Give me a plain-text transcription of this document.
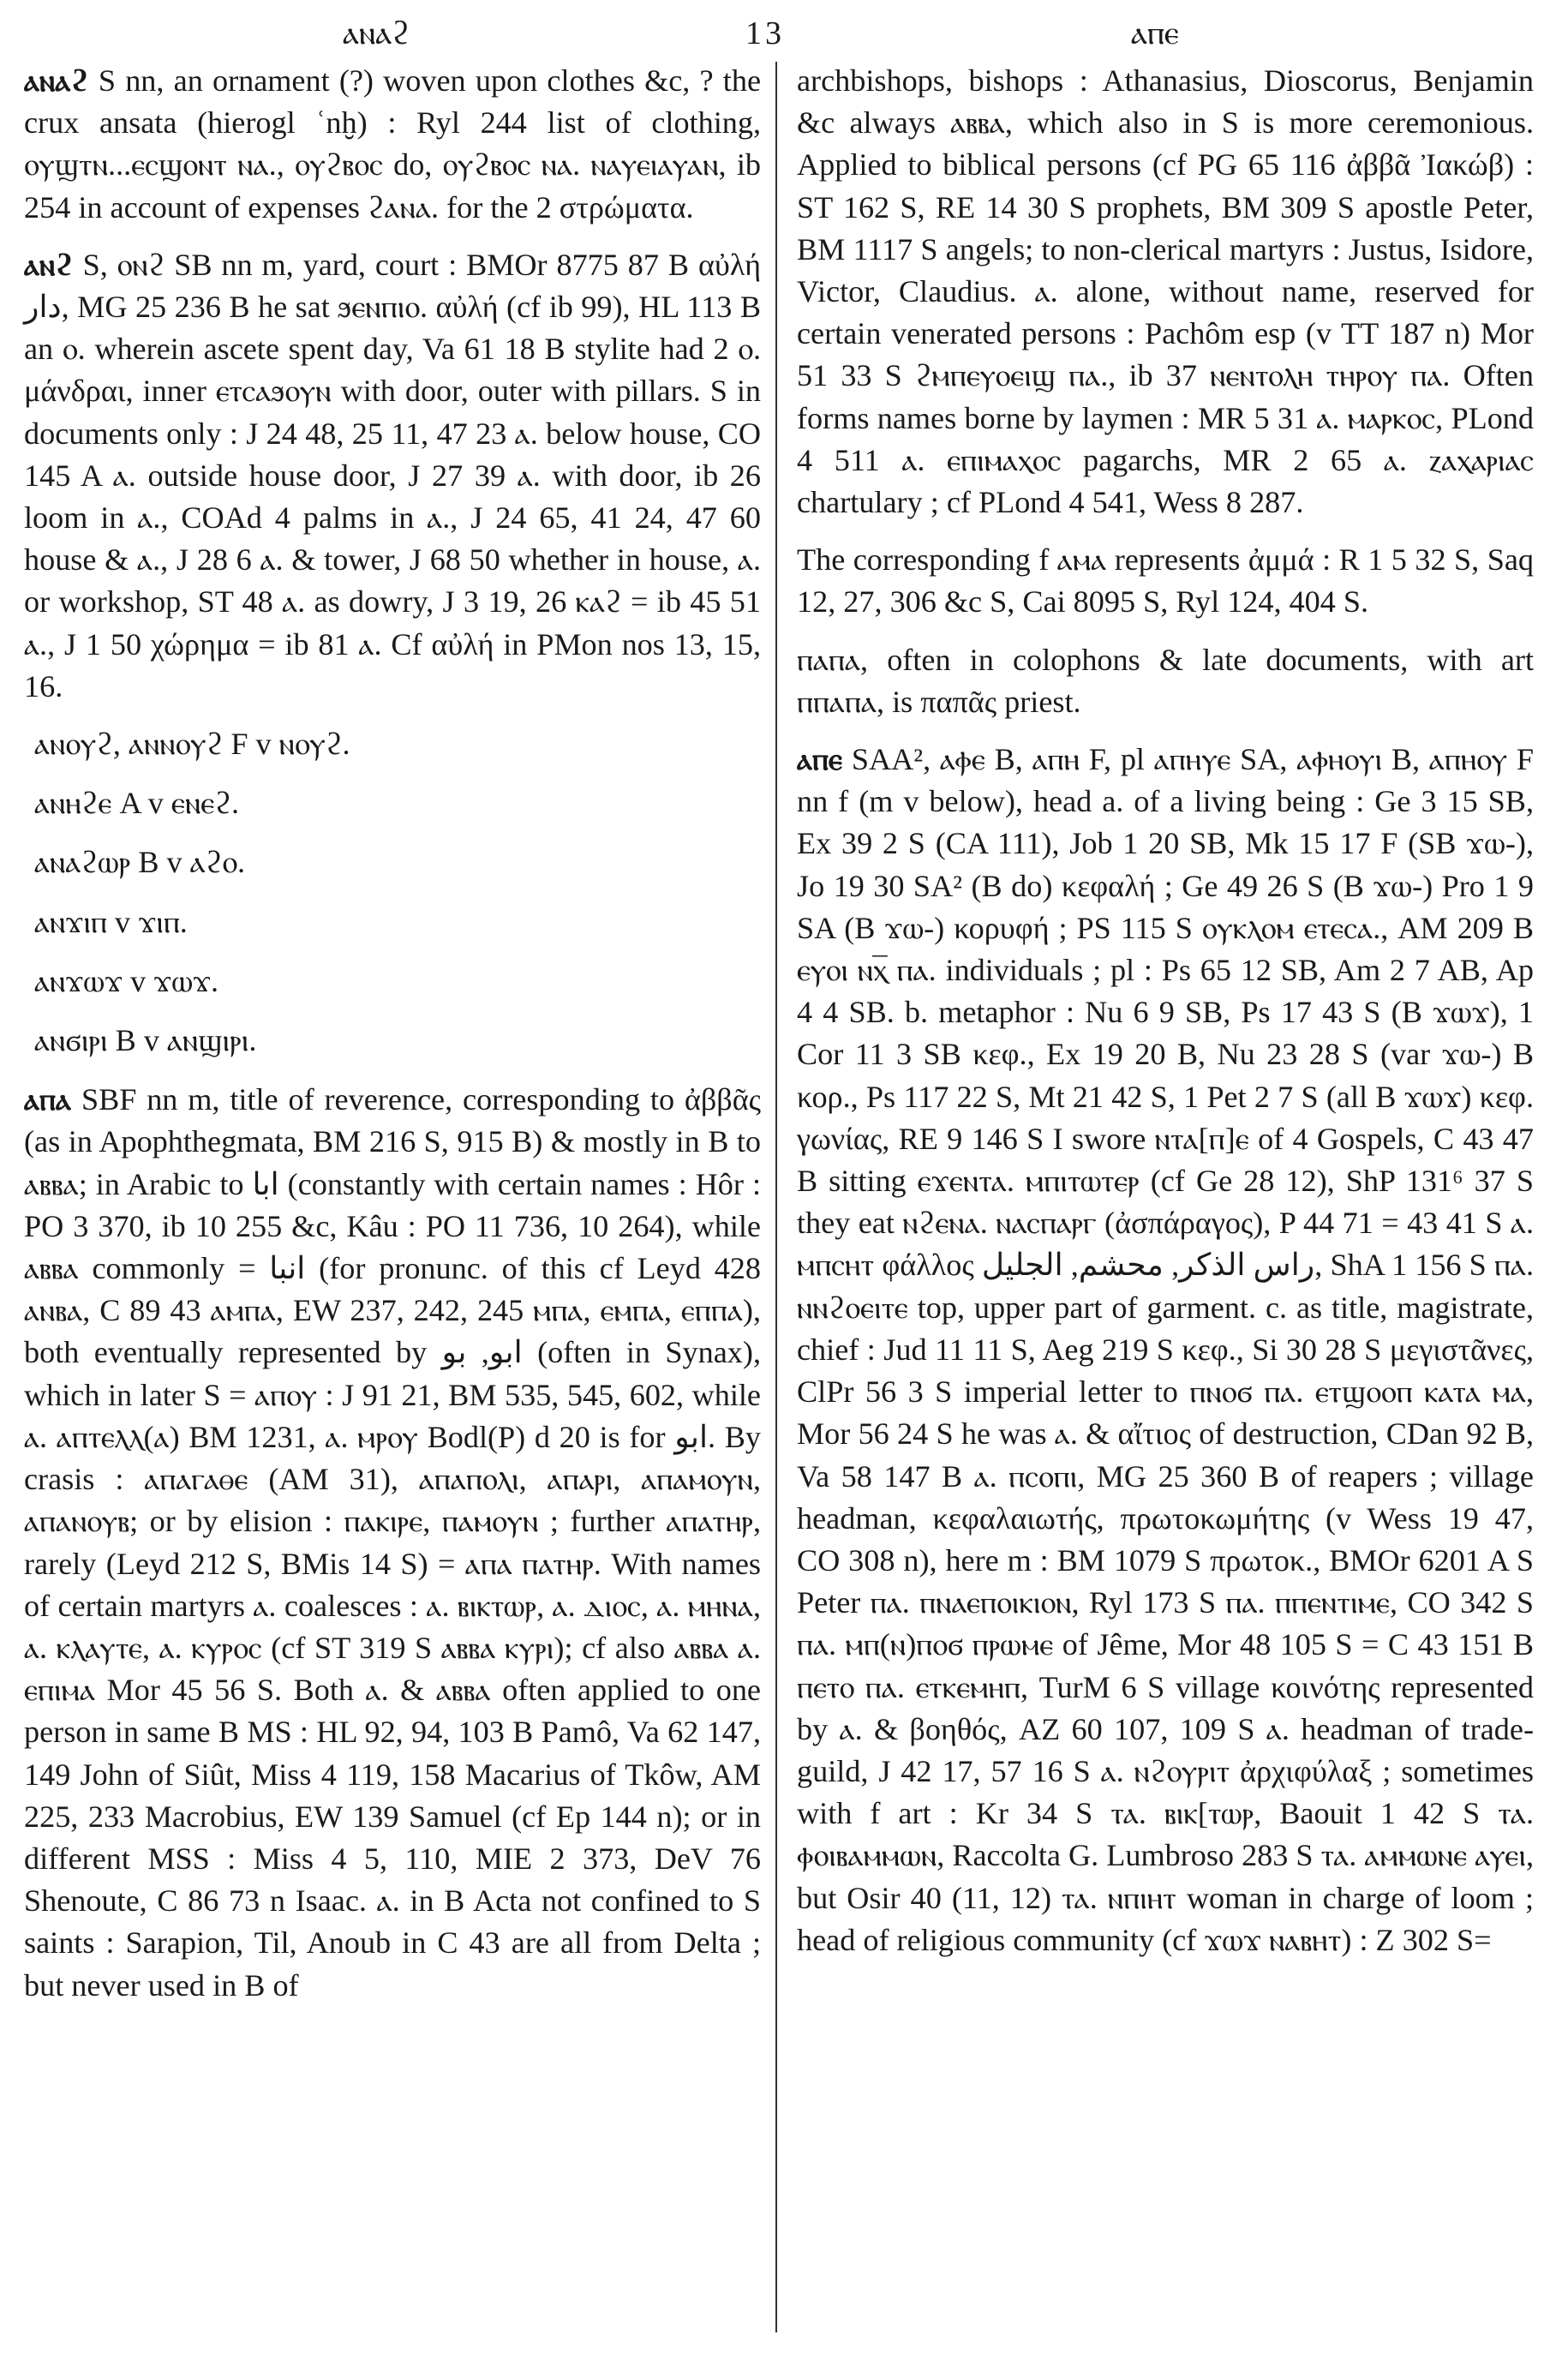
ⲁⲛⲁϩ	13	ⲁⲡⲉ

ⲁⲛⲁϩ S nn, an ornament (?) woven upon clothes &c, ? the crux ansata (hierogl ʿnḫ) : Ryl 244 list of clothing, ⲟⲩϣⲧⲛ...ⲉⲥϣⲟⲛⲧ ⲛⲁ., ⲟⲩϩⲃⲟⲥ do, ⲟⲩϩⲃⲟⲥ ⲛⲁ. ⲛⲁⲩⲉⲓⲁⲩⲁⲛ, ib 254 in account of expenses ϩⲁⲛⲁ. for the 2 στρώματα.

ⲁⲛϩ S, ⲟⲛϩ SB nn m, yard, court : BMOr 8775 87 B αὐλή دار, MG 25 236 B he sat ϧⲉⲛⲡⲓⲟ. αὐλή (cf ib 99), HL 113 B an ⲟ. wherein ascete spent day, Va 61 18 B stylite had 2 ⲟ. μάνδραι, inner ⲉⲧⲥⲁϧⲟⲩⲛ with door, outer with pillars. S in documents only : J 24 48, 25 11, 47 23 ⲁ. below house, CO 145 A ⲁ. outside house door, J 27 39 ⲁ. with door, ib 26 loom in ⲁ., COAd 4 palms in ⲁ., J 24 65, 41 24, 47 60 house & ⲁ., J 28 6 ⲁ. & tower, J 68 50 whether in house, ⲁ. or workshop, ST 48 ⲁ. as dowry, J 3 19, 26 ⲕⲁϩ = ib 45 51 ⲁ., J 1 50 χώρημα = ib 81 ⲁ. Cf αὐλή in PMon nos 13, 15, 16.

ⲁⲛⲟⲩϩ, ⲁⲛⲛⲟⲩϩ F v ⲛⲟⲩϩ.

ⲁⲛⲏϩⲉ A v ⲉⲛⲉϩ.

ⲁⲛⲁϩⲱⲣ B v ⲁϩⲟ.

ⲁⲛϫⲓⲡ v ϫⲓⲡ.

ⲁⲛϫⲱϫ v ϫⲱϫ.

ⲁⲛϭⲓⲣⲓ B v ⲁⲛϣⲓⲣⲓ.

ⲁⲡⲁ SBF nn m, title of reverence, corresponding to ἀββᾶς (as in Apophthegmata, BM 216 S, 915 B) & mostly in B to ⲁⲃⲃⲁ; in Arabic to ابا (constantly with certain names : Hôr : PO 3 370, ib 10 255 &c, Kâu : PO 11 736, 10 264), while ⲁⲃⲃⲁ commonly = انبا (for pronunc. of this cf Leyd 428 ⲁⲛⲃⲁ, C 89 43 ⲁⲙⲡⲁ, EW 237, 242, 245 ⲙⲡⲁ, ⲉⲙⲡⲁ, ⲉⲡⲡⲁ), both eventually represented by ابو, بو (often in Synax), which in later S = ⲁⲡⲟⲩ : J 91 21, BM 535, 545, 602, while ⲁ. ⲁⲡⲧⲉⲗⲗ(ⲁ) BM 1231, ⲁ. ⲙⲣⲟⲩ Bodl(P) d 20 is for ابو. By crasis : ⲁⲡⲁⲅⲁⲑⲉ (AM 31), ⲁⲡⲁⲡⲟⲗⲓ, ⲁⲡⲁⲣⲓ, ⲁⲡⲁⲙⲟⲩⲛ, ⲁⲡⲁⲛⲟⲩⲃ; or by elision : ⲡⲁⲕⲓⲣⲉ, ⲡⲁⲙⲟⲩⲛ ; further ⲁⲡⲁⲧⲏⲣ, rarely (Leyd 212 S, BMis 14 S) = ⲁⲡⲁ ⲡⲁⲧⲏⲣ. With names of certain martyrs ⲁ. coalesces : ⲁ. ⲃⲓⲕⲧⲱⲣ, ⲁ. ⲇⲓⲟⲥ, ⲁ. ⲙⲏⲛⲁ, ⲁ. ⲕⲗⲁⲩⲧⲉ, ⲁ. ⲕⲩⲣⲟⲥ (cf ST 319 S ⲁⲃⲃⲁ ⲕⲩⲣⲓ); cf also ⲁⲃⲃⲁ ⲁ. ⲉⲡⲓⲙⲁ Mor 45 56 S. Both ⲁ. & ⲁⲃⲃⲁ often applied to one person in same B MS : HL 92, 94, 103 B Pamô, Va 62 147, 149 John of Siût, Miss 4 119, 158 Macarius of Tkôw, AM 225, 233 Macrobius, EW 139 Samuel (cf Ep 144 n); or in different MSS : Miss 4 5, 110, MIE 2 373, DeV 76 Shenoute, C 86 73 n Isaac. ⲁ. in B Acta not confined to S saints : Sarapion, Til, Anoub in C 43 are all from Delta ; but never used in B of

archbishops, bishops : Athanasius, Dioscorus, Benjamin &c always ⲁⲃⲃⲁ, which also in S is more ceremonious. Applied to biblical persons (cf PG 65 116 ἀββᾶ Ἰακώβ) : ST 162 S, RE 14 30 S prophets, BM 309 S apostle Peter, BM 1117 S angels; to non-clerical martyrs : Justus, Isidore, Victor, Claudius. ⲁ. alone, without name, reserved for certain venerated persons : Pachôm esp (v TT 187 n) Mor 51 33 S ϩⲙⲡⲉⲩⲟⲉⲓϣ ⲡⲁ., ib 37 ⲛⲉⲛⲧⲟⲗⲏ ⲧⲏⲣⲟⲩ ⲡⲁ. Often forms names borne by laymen : MR 5 31 ⲁ. ⲙⲁⲣⲕⲟⲥ, PLond 4 511 ⲁ. ⲉⲡⲓⲙⲁⲭⲟⲥ pagarchs, MR 2 65 ⲁ. ⲍⲁⲭⲁⲣⲓⲁⲥ chartulary ; cf PLond 4 541, Wess 8 287.

The corresponding f ⲁⲙⲁ represents ἀμμά : R 1 5 32 S, Saq 12, 27, 306 &c S, Cai 8095 S, Ryl 124, 404 S.

ⲡⲁⲡⲁ, often in colophons & late documents, with art ⲡⲡⲁⲡⲁ, is παπᾶς priest.

ⲁⲡⲉ SAA², ⲁⲫⲉ B, ⲁⲡⲏ F, pl ⲁⲡⲏⲩⲉ SA, ⲁⲫⲏⲟⲩⲓ B, ⲁⲡⲏⲟⲩ F nn f (m v below), head a. of a living being : Ge 3 15 SB, Ex 39 2 S (CA 111), Job 1 20 SB, Mk 15 17 F (SB ϫⲱ-), Jo 19 30 SA² (B do) κεφαλή ; Ge 49 26 S (B ϫⲱ-) Pro 1 9 SA (B ϫⲱ-) κορυφή ; PS 115 S ⲟⲩⲕⲗⲟⲙ ⲉⲧⲉⲥⲁ., AM 209 B ⲉⲩⲟⲓ ⲛⲭ̅ ⲡⲁ. individuals ; pl : Ps 65 12 SB, Am 2 7 AB, Ap 4 4 SB. b. metaphor : Nu 6 9 SB, Ps 17 43 S (B ϫⲱϫ), 1 Cor 11 3 SB κεφ., Ex 19 20 B, Nu 23 28 S (var ϫⲱ-) B κορ., Ps 117 22 S, Mt 21 42 S, 1 Pet 2 7 S (all B ϫⲱϫ) κεφ. γωνίας, RE 9 146 S I swore ⲛⲧⲁ[ⲡ]ⲉ of 4 Gospels, C 43 47 B sitting ⲉϫⲉⲛⲧⲁ. ⲙⲡⲓⲧⲱⲧⲉⲣ (cf Ge 28 12), ShP 131⁶ 37 S they eat ⲛϩⲉⲛⲁ. ⲛⲁⲥⲡⲁⲣⲅ (ἀσπάραγος), P 44 71 = 43 41 S ⲁ. ⲙⲡⲥⲏⲧ φάλλος راس الذكر, محشم, الجليل, ShA 1 156 S ⲡⲁ. ⲛⲛϩⲟⲉⲓⲧⲉ top, upper part of garment. c. as title, magistrate, chief : Jud 11 11 S, Aeg 219 S κεφ., Si 30 28 S μεγιστᾶνες, ClPr 56 3 S imperial letter to ⲡⲛⲟϭ ⲡⲁ. ⲉⲧϣⲟⲟⲡ ⲕⲁⲧⲁ ⲙⲁ, Mor 56 24 S he was ⲁ. & αἴτιος of destruction, CDan 92 B, Va 58 147 B ⲁ. ⲡⲥⲟⲡⲓ, MG 25 360 B of reapers ; village headman, κεφαλαιωτής, πρωτοκωμήτης (v Wess 19 47, CO 308 n), here m : BM 1079 S πρωτοκ., BMOr 6201 A S Peter ⲡⲁ. ⲡⲛⲁⲉⲡⲟⲓⲕⲓⲟⲛ, Ryl 173 S ⲡⲁ. ⲡⲡⲉⲛⲧⲓⲙⲉ, CO 342 S ⲡⲁ. ⲙⲡ(ⲛ)ⲡⲟϭ ⲡⲣⲱⲙⲉ of Jême, Mor 48 105 S = C 43 151 B ⲡⲉⲧⲟ ⲡⲁ. ⲉⲧⲕⲉⲙⲏⲡ, TurM 6 S village κοινότης represented by ⲁ. & βοηθός, AZ 60 107, 109 S ⲁ. headman of trade-guild, J 42 17, 57 16 S ⲁ. ⲛϩⲟⲩⲣⲓⲧ ἀρχιφύλαξ ; sometimes with f art : Kr 34 S ⲧⲁ. ⲃⲓⲕ[ⲧⲱⲣ, Baouit 1 42 S ⲧⲁ. ⲫⲟⲓⲃⲁⲙⲙⲱⲛ, Raccolta G. Lumbroso 283 S ⲧⲁ. ⲁⲙⲙⲱⲛⲉ ⲁⲩⲉⲓ, but Osir 40 (11, 12) ⲧⲁ. ⲛⲡⲓⲏⲧ woman in charge of loom ; head of religious community (cf ϫⲱϫ ⲛⲁⲃⲏⲧ) : Z 302 S=
